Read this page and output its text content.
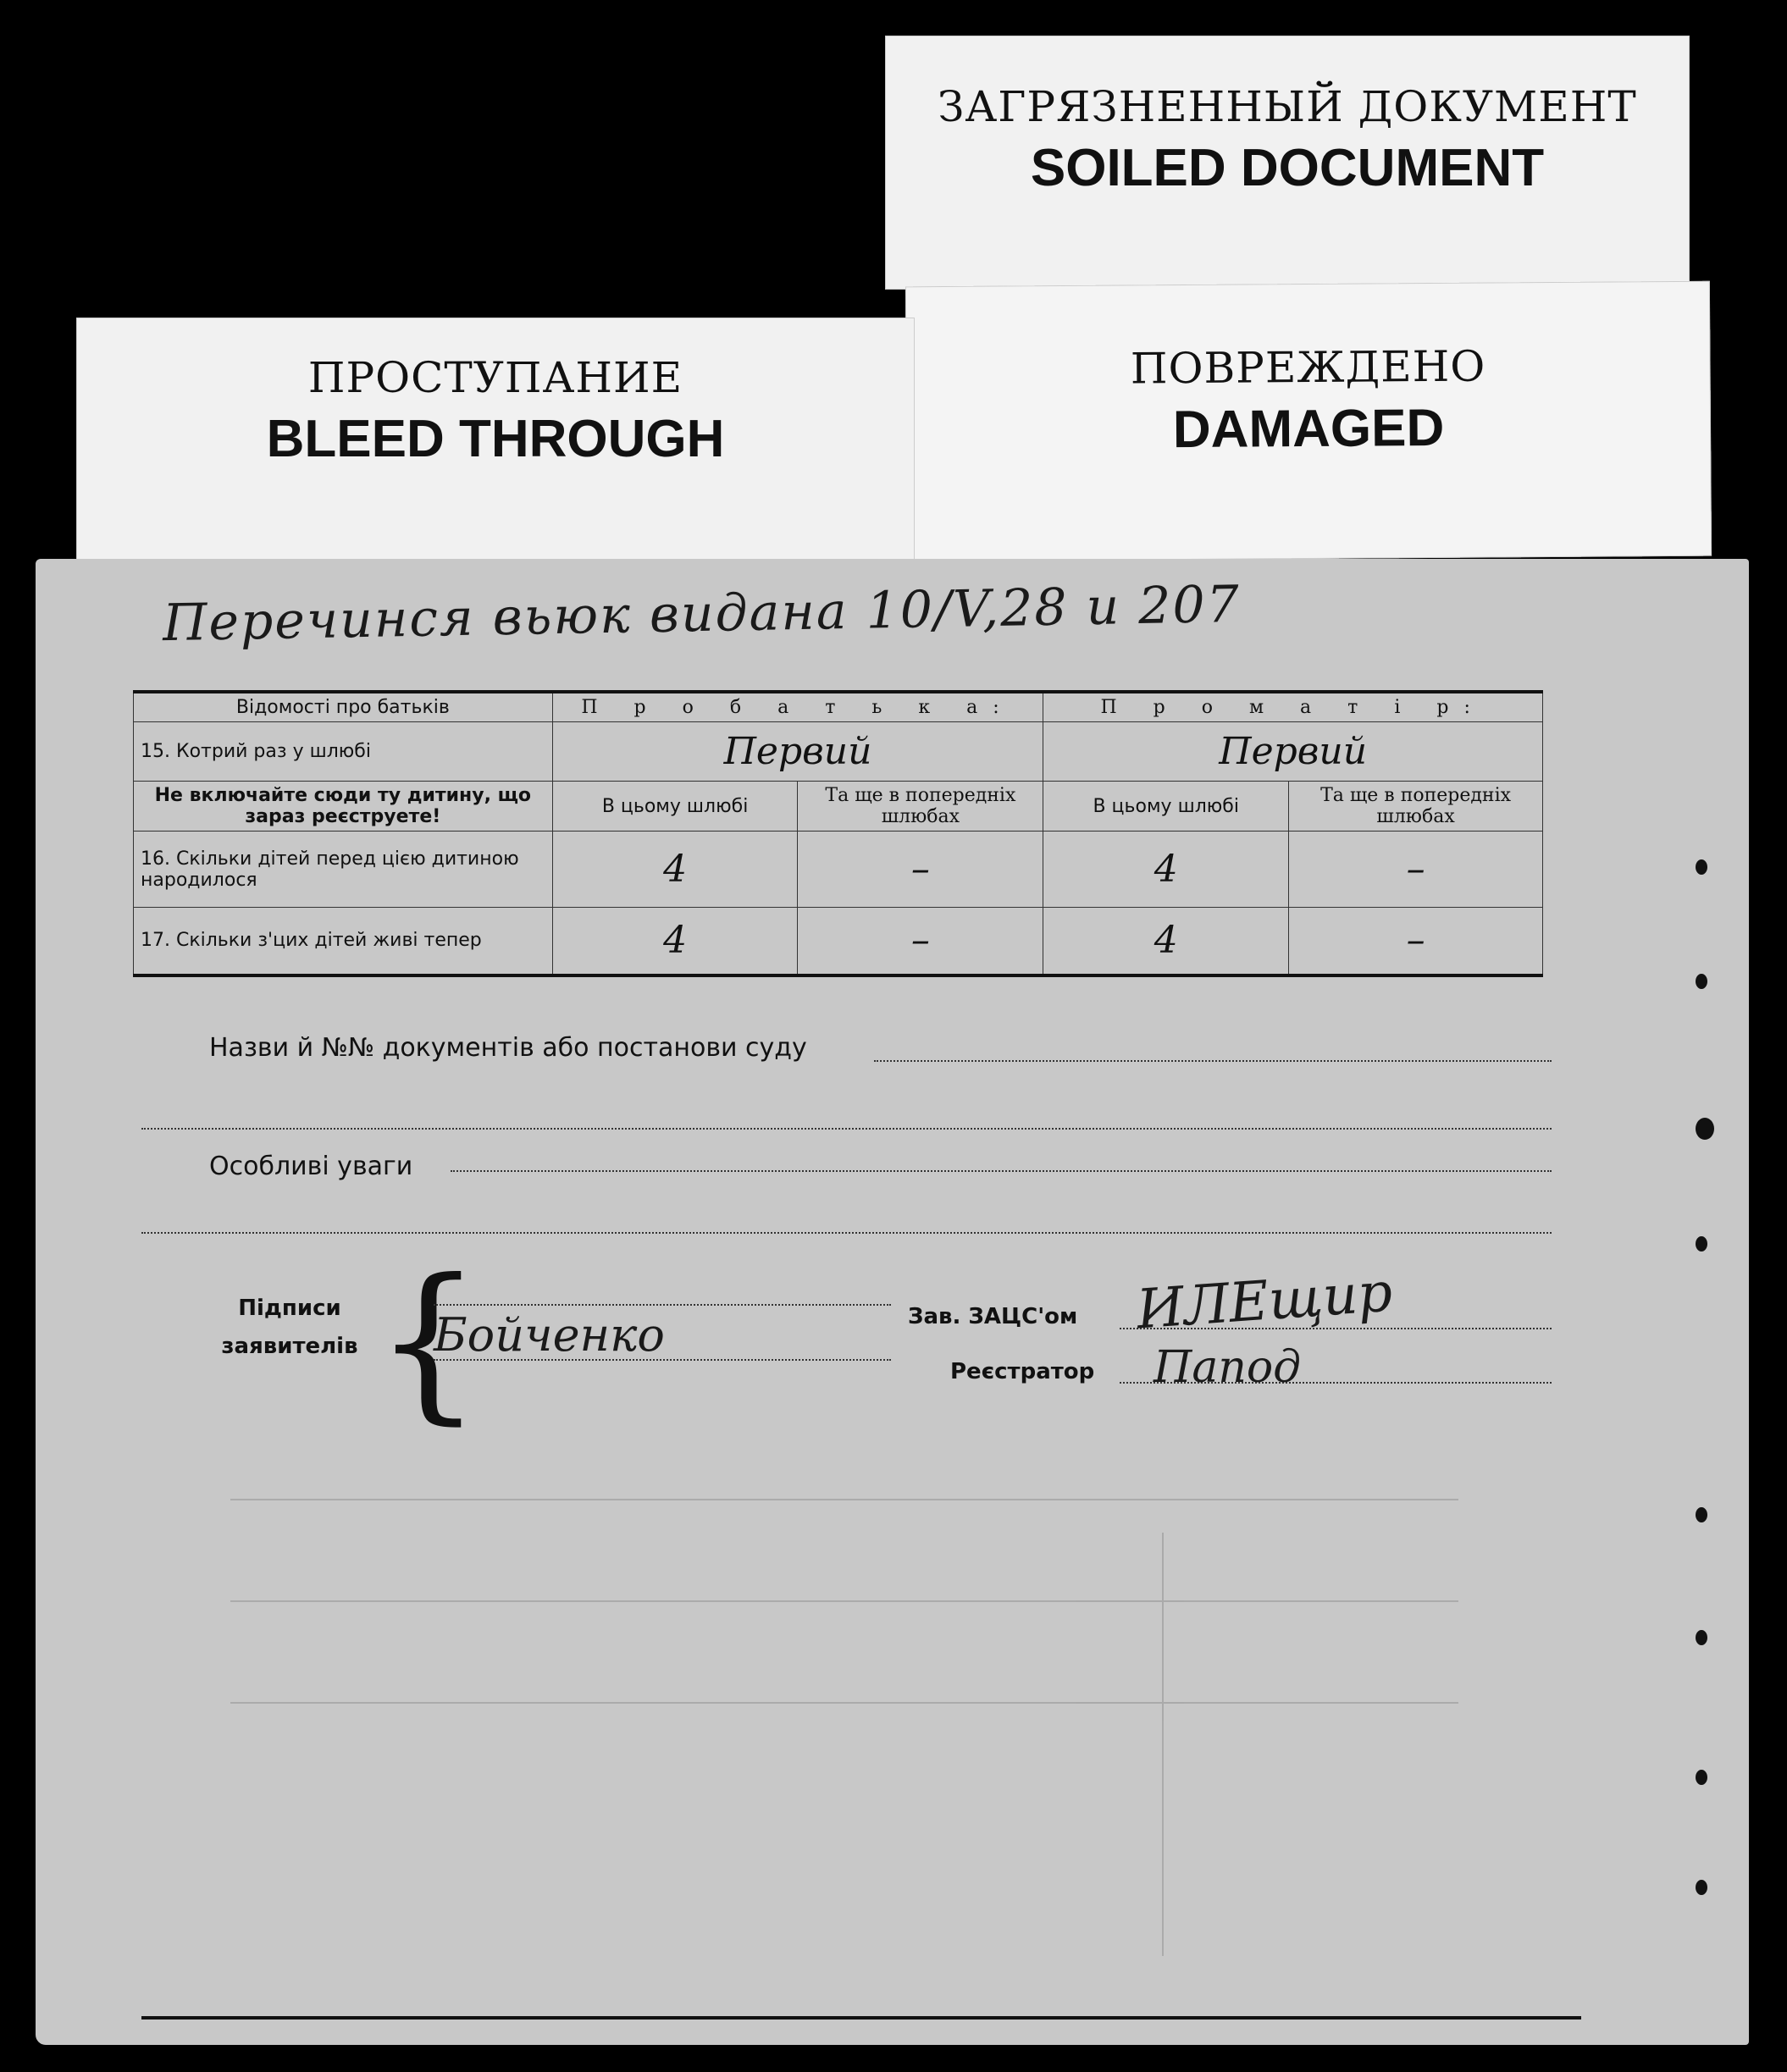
ЗАГРЯЗНЕННЫЙ ДОКУМЕНТ
SOILED DOCUMENT
ПОВРЕЖДЕНО
DAMAGED
ПРОСТУПАНИЕ
BLEED THROUGH
Перечинся вьюк видана 10/V,28 и 207
Відомості про батьків	П р о б а т ь к а:		П р о м а т і р:	
15. Котрий раз у шлюбі	Первий		Первий	
Не включайте сюди ту дитину, що зараз реєструете!	В цьому шлюбі	Та ще в попередніх шлюбах	В цьому шлюбі	Та ще в попередніх шлюбах
16. Скільки дітей перед цією дитиною народилося	4	–	4	–
17. Скільки з'цих дітей живі тепер	4	–	4	–
Назви й №№ документів або постанови суду
Особливі уваги
Підписи
заявителів {
Бойченко	Зав. ЗАЦС'ом
Реєстратор
ИЛЕщир
Папод
